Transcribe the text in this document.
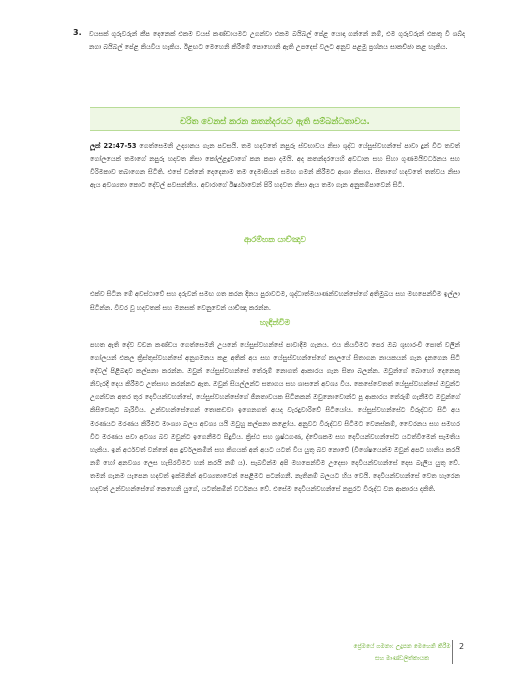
3. වයසක් ගුරුවරුන් කීප දෙනෙක් එකම වයස් කණ්ඩායමට උගන්වා එකම බයිබල් පේළ යොදා ගන්නේ නම්, එම ගුරුවරුන් එකතු වී ශබ්ද නගා බයිබල් පේළ කියවිය හැකිය. ඊළඟට මෙහෙනි කිරීමේ පොහොනි ඇති උපදෙස් වලට අනුව පළමු ප්‍රශ්නය සාකච්ඡා කළ හැකිය.
චරිත වෙනස් කරන කතන්දරයට ඇති සම්බන්ධතාවය.
ලූක් 22:47-53 ගෙත්සෙමනි උද්‍යානය ගැන පවසයි. තම හදවතේ නපුරු ස්වභාවය නිසා ශුද්ධ යේසුස්වහන්සේ පාවා දුන් විට තවත් ගෝලයෙක් තමාගේ නපුරු හදවත නිසා කෝල්ළදුවාගේ කන කපා දමයි. අද කතන්දරයෙහි අවධාන සහ සිහා ගුණමයිවර්ධනය සහ විරිමකාව තබාගෙන සිටිති. එසේ වන්නේ දෙදෙනාම තම දෙමාපියන් සමඟ ගමන් කිරීමට ආශා නිසාය. සීතාගේ හදවතේ තත්වය නිසා ඇය අවශ්‍යතා කොට දේවල් පවසන්නීය. අවාරාගේ ඊර්ෂ්‍යාවෙන් පිරි හදවත නිසා ඇය තමා ගැන අනුකම්පාවෙන් සිටී.
ආරම්භක යාච්ඤාව
එක්ව සිටින මේ අවස්ථාවේ සහ දරුවන් සමඟ ගත කරන දිනය පුරාවටම, ශුද්ධාත්මයාණන්වහන්සේගේ අතිමුඛය සහ මඟපෙන්වීම ඉල්ලා සිටින්න. විවර වූ හදවතක් සහ මනසක් වෙනුවෙන් යාච්ඤා කරන්න.
හැඳින්වීම
පහත ඇති දේව වචන කණ්ඩය ගෙත්සෙමනි උයනේ යේසුස්වහන්සේ පාවාදීම ගැනය. එය කියවීමට පෙර ඔබ ශුභාරංචි පොත් වලින් ගෝලයන් එකල ක්‍රිස්තුස්වහන්සේ අනුගමනය කළ අතික් අය සහ යේසුස්වහන්සේගේ කාලයේ සිතාගන නායකයන් ගැන දැනගෙන සිටි දේවල් පිළිබඳව කල්පනා කරන්න. ඔවුන් යේසුස්වහන්සේ තේරුම් නොගත් ආකාරය ගැන සිතා බලන්න. ඔවුන්ගේ බොහෝ දෙනෙකු නිවැරදි දෙය කිරීමට උත්සාහ කරන්නට ඇත. ඔවුන් සියල්ලන්ට සතාගය සහ ශාසනේ අවශ්‍ය විය. කෙසේවෙතත් යේසුස්වහන්සේ ඔවුන්ට උගන්වන අතර තුර දෙවියන්වහන්සේ, යේසුස්වහන්සේගේ ජීනතාවයක සිටිනකන් ඔවුනොවොන්ට පූ ආකාරය තේරුම් ගැනීමට ඔවුන්ගේ කිසිවෙකුට බැරිවිය. උන්වහන්සේගෙන් තොකඩවා ඉගෙනගත් අයද වැරදුවාරිවේ සිටියෝය. යේසුස්වහන්සේට විරුද්ධව සිටි අය මරණයට මරණය කිරීමට මාංශ්‍යා බලය අවශ්‍ය යයි ඔවුහු කල්පනා කළෝය. අනුවට විරුද්ධව සිටීමට වෙනස්කම්, වෛරනය සහ සමහර විට මරණය පවා අවශ්‍ය බව ඔවුන්ට ඉගෙනීමට සිදුවිය. ක්‍රිස්ථ සහ ශ්‍රෂ්ඨගණ, ද්වේශකම සහ දෙවියන්වහන්සේට යටත්වීමෙන් සැමතිය හැකිය. ඉන් අර්ථවත් වන්නේ අප දුර්වලකමින් සහ කිගයක් අන් අයට යටත් විය යුතු බව නොවේ (විශේෂයෙන්ම ඔවුන් අපට හානිය කරයි නම් හෝ අනවශ්‍ය ලෙස හැසිරවීමට හන් කරයි නම් ය). සැබවින්ම අපි මහපෙන්වීම උදෙසා දෙවියන්වහන්සේ දෙස බැලිය යුතු වේ. තමන් ගැනම යැපෙන හදවත් ඉක්මනින් අවශ්‍යතාවෙන් පෙළීමට පටන්ගනී. නැතිනම් බලයට හිය වෙයි. දෙවියන්වහන්සේ වෙත හැරෙන හදවත් උන්වහන්සේගේ කෙහෙනි යුගේ, යටත්කමින් වර්ධනය වේ. එසේම දෙවියන්වහන්සේ නපුරට විරුද්ධ වන ආකාරය දකිති.
ප්‍රේමයේ ගමනා: උදුපන මෙහෙනි කිරීම
සහ මාණ්ඩලිත්කායක
2
